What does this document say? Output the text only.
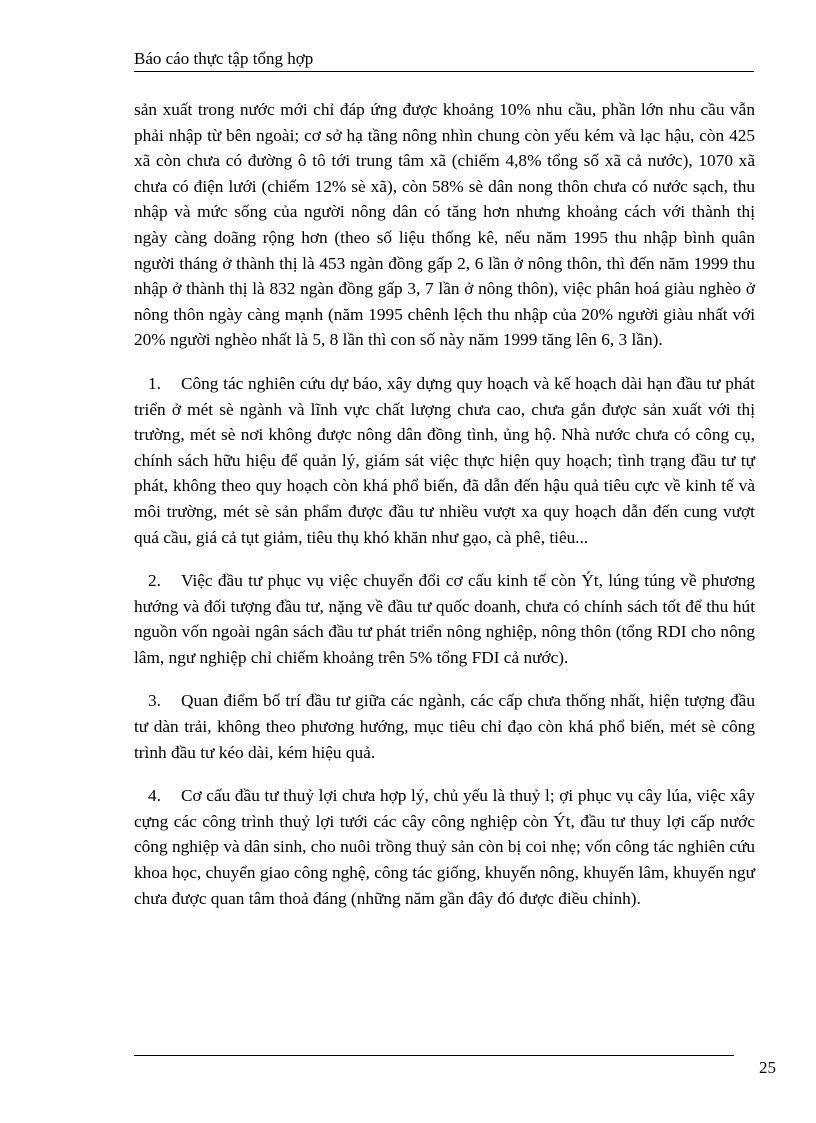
Báo cáo thực tập tổng hợp

sản xuất trong nước mới chỉ đáp ứng được khoảng 10% nhu cầu, phần lớn nhu cầu vẫn phải nhập từ bên ngoài; cơ sở hạ tầng nông nhìn chung còn yếu kém và lạc hậu, còn 425 xã còn chưa có đường ô tô tới trung tâm xã (chiếm 4,8% tổng số xã cả nước), 1070 xã chưa có điện lưới (chiếm 12% sè xã), còn 58% sè dân nong thôn chưa có nước sạch, thu nhập và mức sống của người nông dân có tăng hơn nhưng khoảng cách với thành thị ngày càng doãng rộng hơn (theo số liệu thống kê, nếu năm 1995 thu nhập bình quân người tháng ở thành thị là 453 ngàn đồng gấp 2, 6 lần ở nông thôn, thì đến năm 1999 thu nhập ở thành thị là 832 ngàn đồng gấp 3, 7 lần ở nông thôn), việc phân hoá giàu nghèo ở nông thôn ngày càng mạnh (năm 1995 chênh lệch thu nhập của 20% người giàu nhất với 20% người nghèo nhất là 5, 8 lần thì con số này năm 1999 tăng lên 6, 3 lần).

1. Công tác nghiên cứu dự báo, xây dựng quy hoạch và kế hoạch dài hạn đầu tư phát triển ở mét sè ngành và lĩnh vực chất lượng chưa cao, chưa gắn được sản xuất với thị trường, mét sè nơi không được nông dân đồng tình, ủng hộ. Nhà nước chưa có công cụ, chính sách hữu hiệu để quản lý, giám sát việc thực hiện quy hoạch; tình trạng đầu tư tự phát, không theo quy hoạch còn khá phổ biến, đã dẫn đến hậu quả tiêu cực về kinh tế và môi trường, mét sè sản phẩm được đầu tư nhiều vượt xa quy hoạch dẫn đến cung vượt quá cầu, giá cả tụt giảm, tiêu thụ khó khăn như gạo, cà phê, tiêu...

2. Việc đầu tư phục vụ việc chuyển đổi cơ cấu kinh tế còn Ýt, lúng túng về phương hướng và đối tượng đầu tư, nặng về đầu tư quốc doanh, chưa có chính sách tốt để thu hút nguồn vốn ngoài ngân sách đầu tư phát triển nông nghiệp, nông thôn (tổng RDI cho nông lâm, ngư nghiệp chỉ chiếm khoảng trên 5% tổng FDI cả nước).

3. Quan điểm bố trí đầu tư giữa các ngành, các cấp chưa thống nhất, hiện tượng đầu tư dàn trải, không theo phương hướng, mục tiêu chỉ đạo còn khá phổ biến, mét sè công trình đầu tư kéo dài, kém hiệu quả.

4. Cơ cấu đầu tư thuỷ lợi chưa hợp lý, chủ yếu là thuỷ l; ợi phục vụ cây lúa, việc xây cựng các công trình thuỷ lợi tưới các cây công nghiệp còn Ýt, đầu tư thuy lợi cấp nước công nghiệp và dân sinh, cho nuôi trồng thuỷ sản còn bị coi nhẹ; vốn công tác nghiên cứu khoa học, chuyển giao công nghệ, công tác giống, khuyến nông, khuyến lâm, khuyến ngư chưa được quan tâm thoả đáng (những năm gần đây đó được điều chỉnh).

25
